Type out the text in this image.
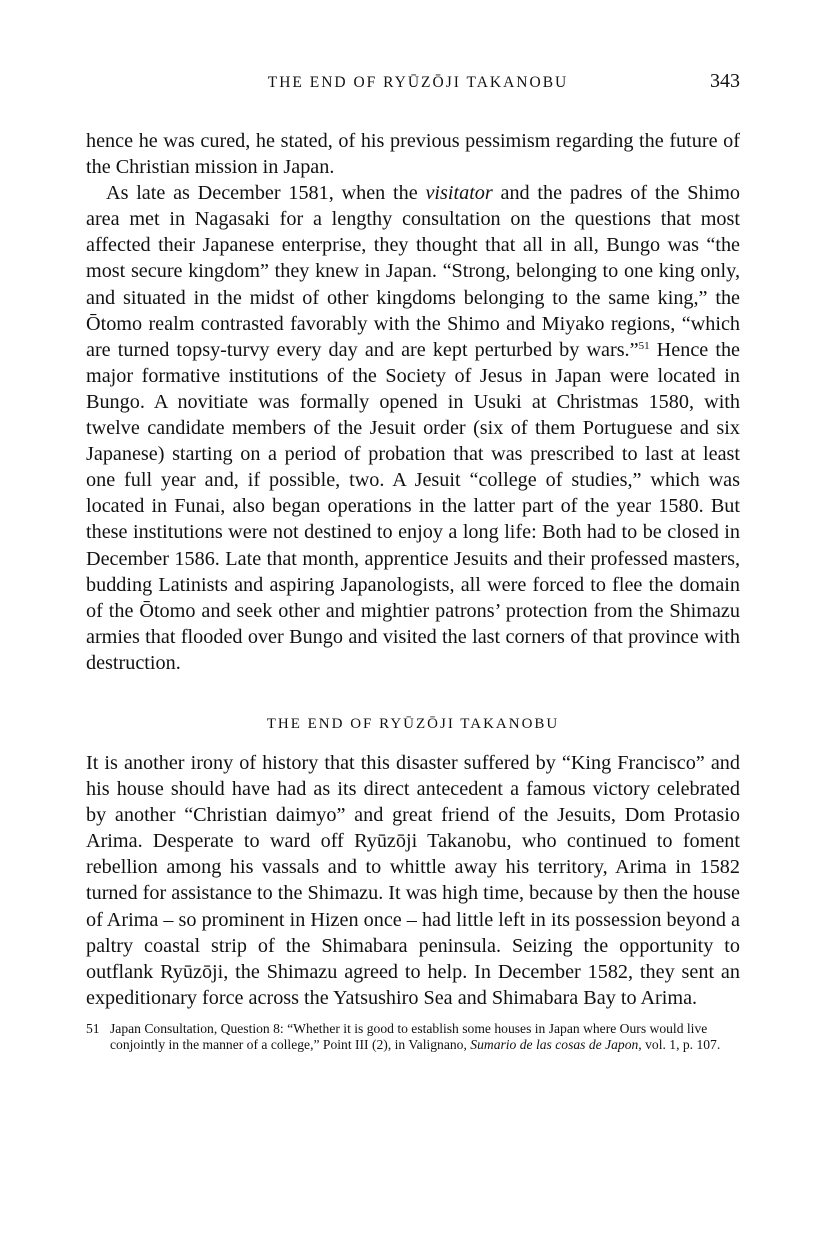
THE END OF RYŪZŌJI TAKANOBU	343

hence he was cured, he stated, of his previous pessimism regarding the future of the Christian mission in Japan.

As late as December 1581, when the visitator and the padres of the Shimo area met in Nagasaki for a lengthy consultation on the questions that most affected their Japanese enterprise, they thought that all in all, Bungo was “the most secure kingdom” they knew in Japan. “Strong, belonging to one king only, and situated in the midst of other kingdoms belonging to the same king,” the Ōtomo realm contrasted favorably with the Shimo and Miyako regions, “which are turned topsy-turvy every day and are kept perturbed by wars.”$^{51}$ Hence the major formative institutions of the Society of Jesus in Japan were located in Bungo. A novitiate was formally opened in Usuki at Christmas 1580, with twelve candidate members of the Jesuit order (six of them Portuguese and six Japanese) starting on a period of probation that was prescribed to last at least one full year and, if possible, two. A Jesuit “college of studies,” which was located in Funai, also began operations in the latter part of the year 1580. But these institutions were not destined to enjoy a long life: Both had to be closed in December 1586. Late that month, apprentice Jesuits and their professed masters, budding Latinists and aspiring Japanologists, all were forced to flee the domain of the Ōtomo and seek other and mightier patrons’ protection from the Shimazu armies that flooded over Bungo and visited the last corners of that province with destruction.

THE END OF RYŪZŌJI TAKANOBU

It is another irony of history that this disaster suffered by “King Francisco” and his house should have had as its direct antecedent a famous victory celebrated by another “Christian daimyo” and great friend of the Jesuits, Dom Protasio Arima. Desperate to ward off Ryūzōji Takanobu, who continued to foment rebellion among his vassals and to whittle away his territory, Arima in 1582 turned for assistance to the Shimazu. It was high time, because by then the house of Arima – so prominent in Hizen once – had little left in its possession beyond a paltry coastal strip of the Shimabara peninsula. Seizing the opportunity to outflank Ryūzōji, the Shimazu agreed to help. In December 1582, they sent an expeditionary force across the Yatsushiro Sea and Shimabara Bay to Arima.

51 Japan Consultation, Question 8: “Whether it is good to establish some houses in Japan where Ours would live conjointly in the manner of a college,” Point III (2), in Valignano, Sumario de las cosas de Japon, vol. 1, p. 107.
